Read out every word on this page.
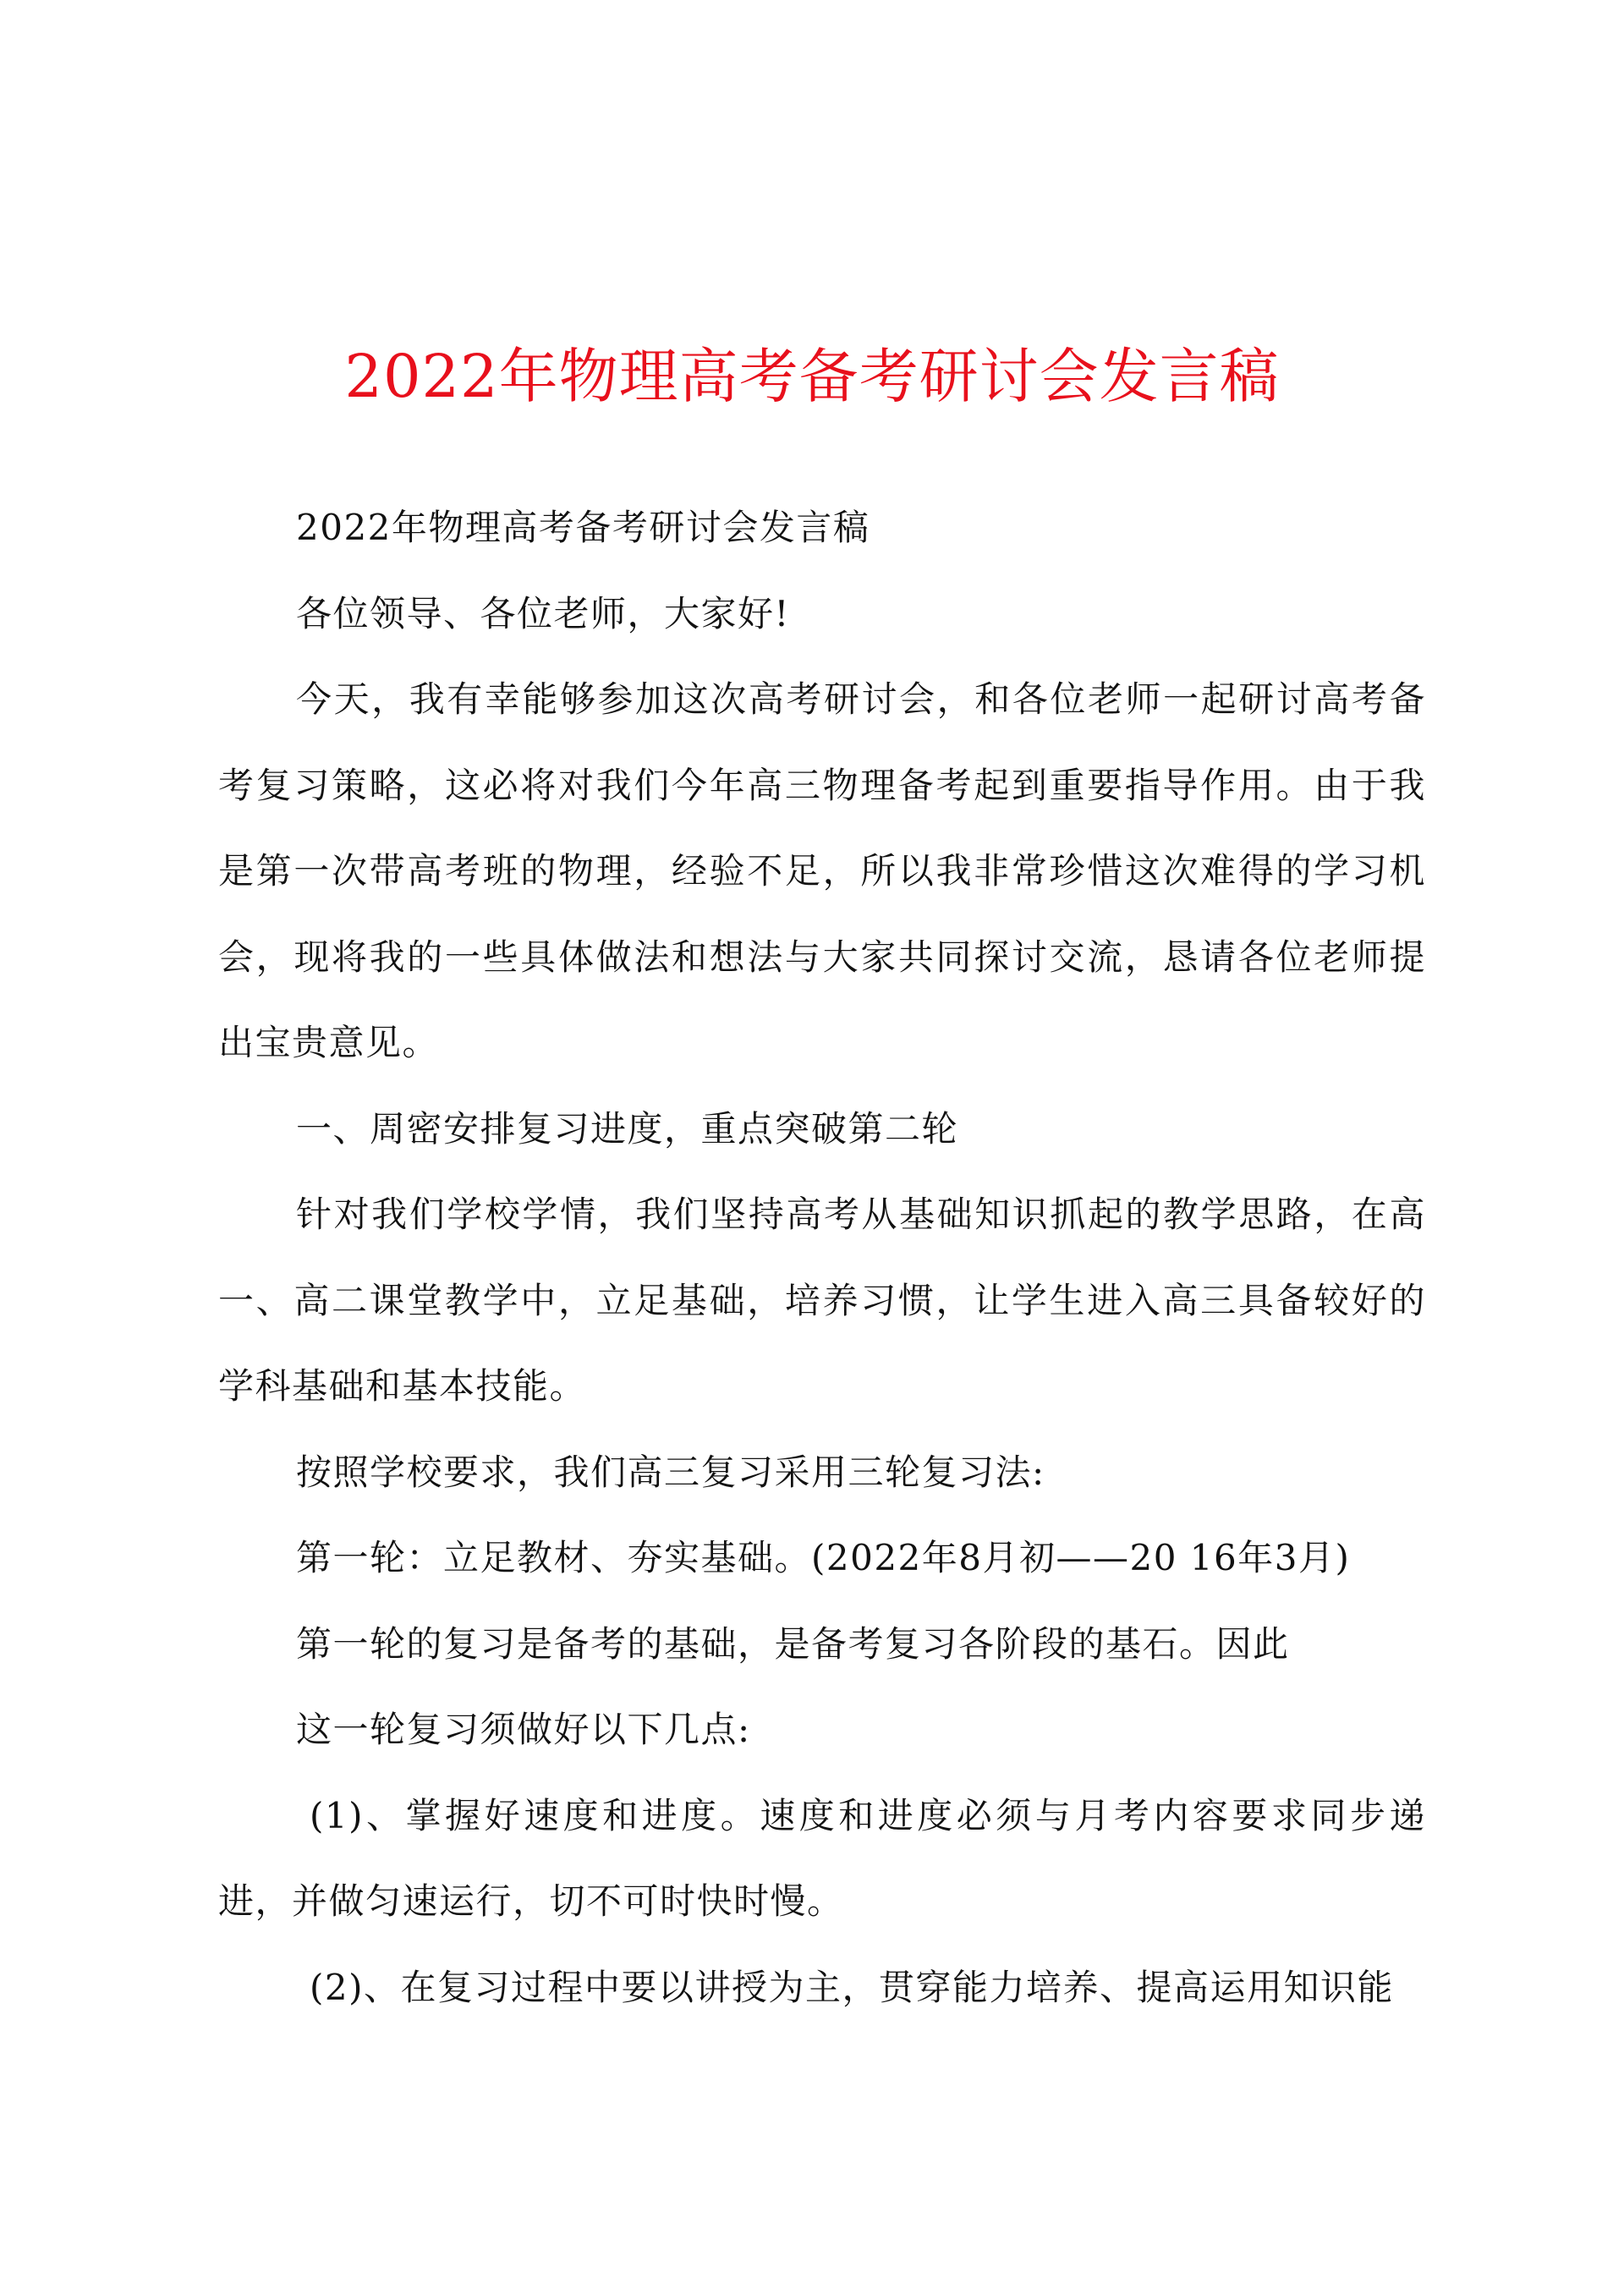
2022年物理高考备考研讨会发言稿

2022年物理高考备考研讨会发言稿

各位领导、各位老师，大家好!

今天，我有幸能够参加这次高考研讨会，和各位老师一起研讨高考备考复习策略，这必将对我们今年高三物理备考起到重要指导作用。由于我是第一次带高考班的物理，经验不足，所以我非常珍惜这次难得的学习机会，现将我的一些具体做法和想法与大家共同探讨交流，恳请各位老师提出宝贵意见。

一、周密安排复习进度，重点突破第二轮

针对我们学校学情，我们坚持高考从基础知识抓起的教学思路，在高一、高二课堂教学中，立足基础，培养习惯，让学生进入高三具备较好的学科基础和基本技能。

按照学校要求，我们高三复习采用三轮复习法:

第一轮：立足教材、夯实基础。(2022年8月初——20 16年3月)

第一轮的复习是备考的基础，是备考复习各阶段的基石。因此

这一轮复习须做好以下几点:

(1)、掌握好速度和进度。速度和进度必须与月考内容要求同步递进，并做匀速运行，切不可时快时慢。

(2)、在复习过程中要以讲授为主，贯穿能力培养、提高运用知识能
